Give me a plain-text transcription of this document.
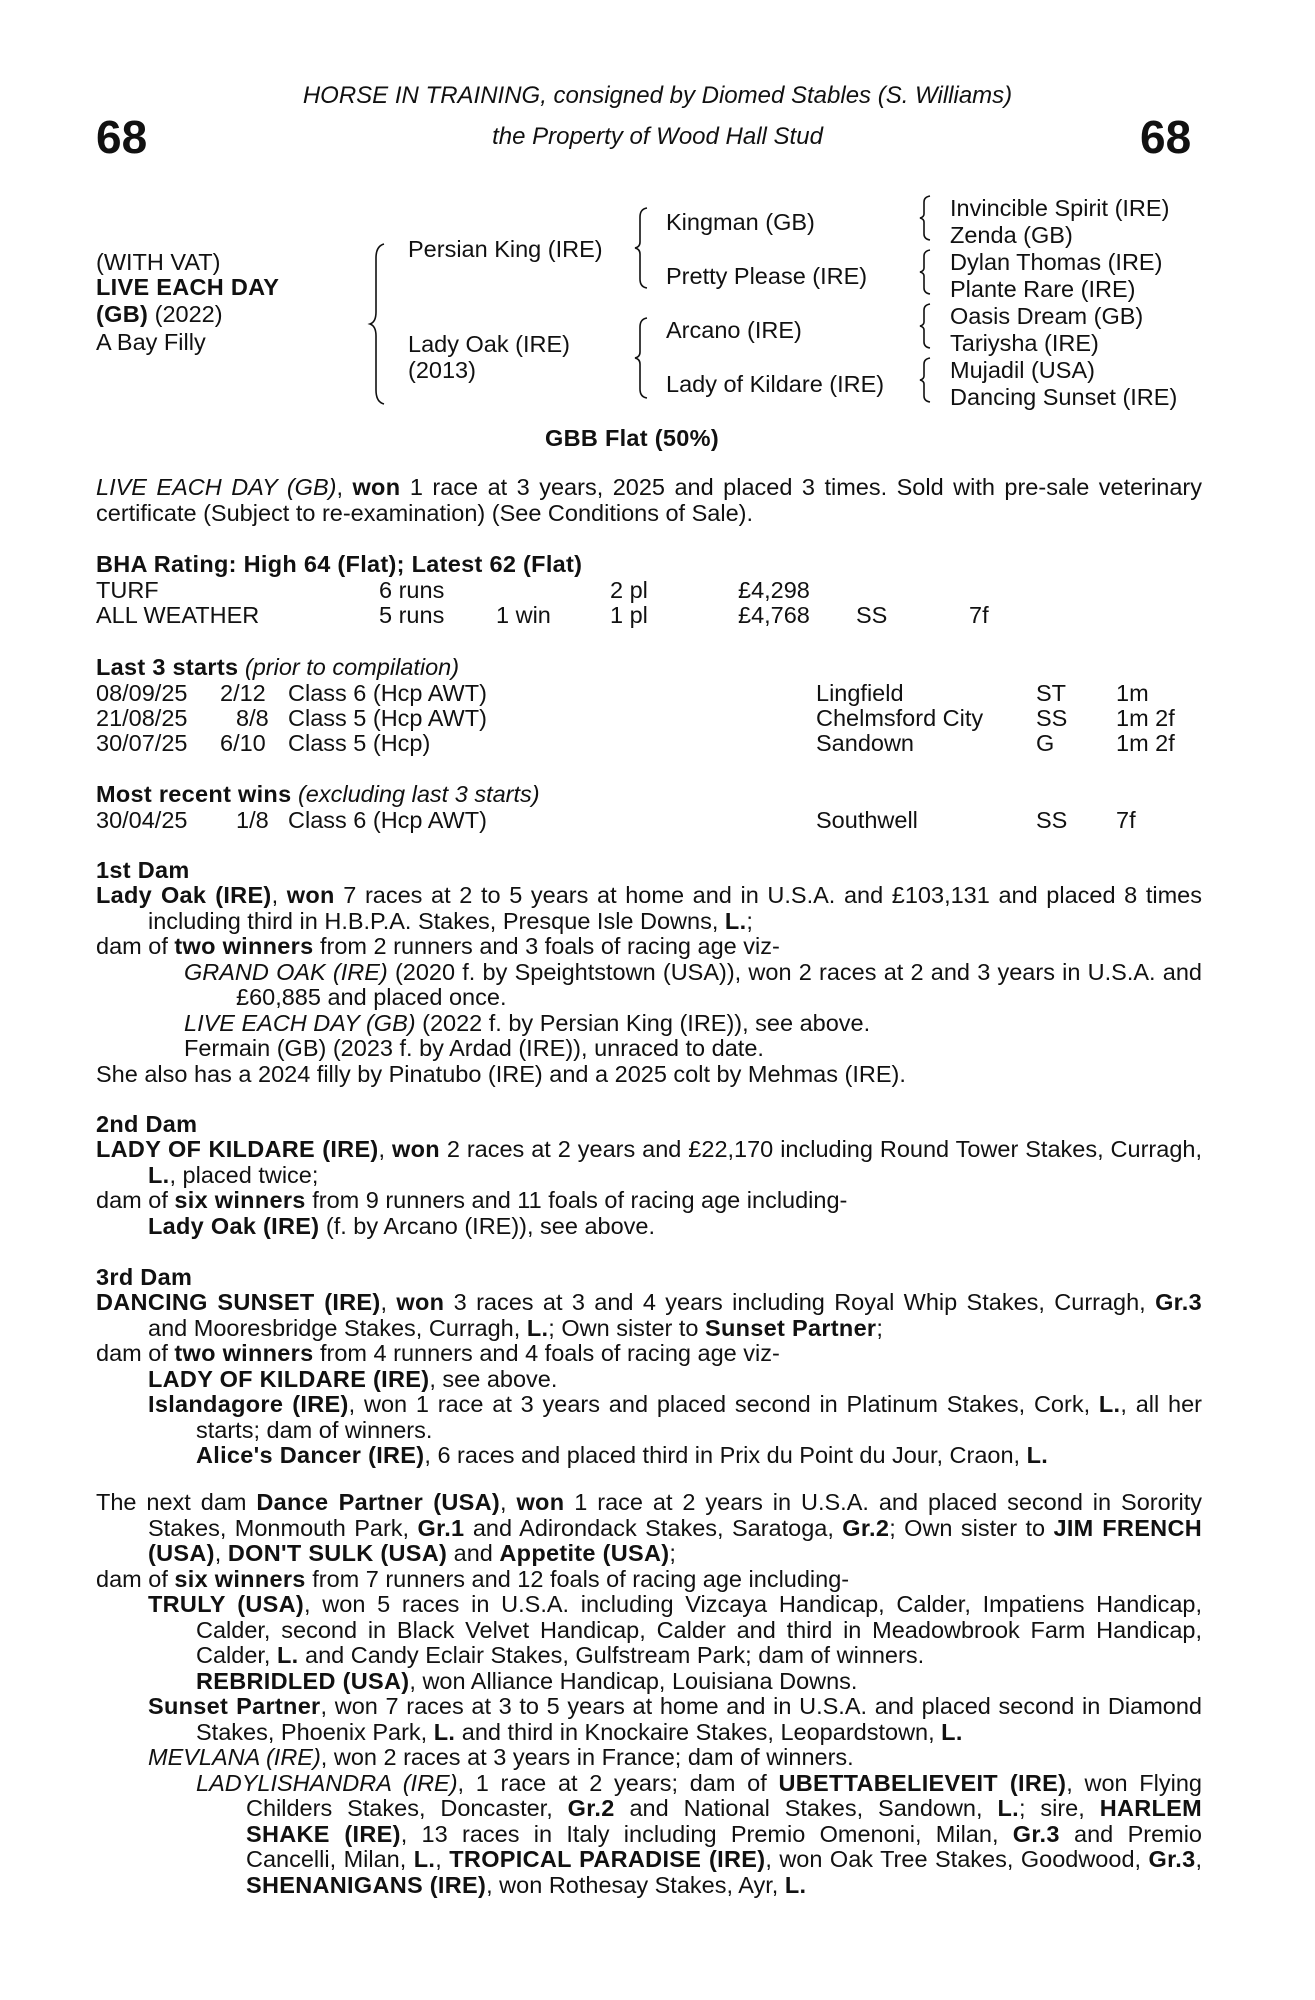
68	68
HORSE IN TRAINING, consigned by Diomed Stables (S. Williams)
the Property of Wood Hall Stud
(WITH VAT)
LIVE EACH DAY
(GB) (2022)
A Bay Filly
Persian King (IRE)
Lady Oak (IRE)
(2013)
Kingman (GB)
Pretty Please (IRE)
Arcano (IRE)
Lady of Kildare (IRE)
Invincible Spirit (IRE)
Zenda (GB)
Dylan Thomas (IRE)
Plante Rare (IRE)
Oasis Dream (GB)
Tariysha (IRE)
Mujadil (USA)
Dancing Sunset (IRE)
GBB Flat (50%)
LIVE EACH DAY (GB), won 1 race at 3 years, 2025 and placed 3 times. Sold with pre-sale veterinary certificate (Subject to re-examination) (See Conditions of Sale).
BHA Rating: High 64 (Flat); Latest 62 (Flat)
TURF	6 runs	2 pl	£4,298
ALL WEATHER	5 runs 1 win	1 pl	£4,768 SS	7f
Last 3 starts (prior to compilation)
08/09/25 2/12 Class 6 (Hcp AWT)	Lingfield	ST 1m
21/08/25 8/8 Class 5 (Hcp AWT)	Chelmsford City SS 1m 2f
30/07/25 6/10 Class 5 (Hcp)	Sandown	G	1m 2f
Most recent wins (excluding last 3 starts)
30/04/25 1/8 Class 6 (Hcp AWT)	Southwell	SS 7f
1st Dam
Lady Oak (IRE), won 7 races at 2 to 5 years at home and in U.S.A. and £103,131 and placed 8 times including third in H.B.P.A. Stakes, Presque Isle Downs, L.;
dam of two winners from 2 runners and 3 foals of racing age viz-
GRAND OAK (IRE) (2020 f. by Speightstown (USA)), won 2 races at 2 and 3 years in U.S.A. and £60,885 and placed once.
LIVE EACH DAY (GB) (2022 f. by Persian King (IRE)), see above.
Fermain (GB) (2023 f. by Ardad (IRE)), unraced to date.
She also has a 2024 filly by Pinatubo (IRE) and a 2025 colt by Mehmas (IRE).
2nd Dam
LADY OF KILDARE (IRE), won 2 races at 2 years and £22,170 including Round Tower Stakes, Curragh, L., placed twice;
dam of six winners from 9 runners and 11 foals of racing age including-
Lady Oak (IRE) (f. by Arcano (IRE)), see above.
3rd Dam
DANCING SUNSET (IRE), won 3 races at 3 and 4 years including Royal Whip Stakes, Curragh, Gr.3 and Mooresbridge Stakes, Curragh, L.; Own sister to Sunset Partner;
dam of two winners from 4 runners and 4 foals of racing age viz-
LADY OF KILDARE (IRE), see above.
Islandagore (IRE), won 1 race at 3 years and placed second in Platinum Stakes, Cork, L., all her starts; dam of winners.
Alice's Dancer (IRE), 6 races and placed third in Prix du Point du Jour, Craon, L.
The next dam Dance Partner (USA), won 1 race at 2 years in U.S.A. and placed second in Sorority Stakes, Monmouth Park, Gr.1 and Adirondack Stakes, Saratoga, Gr.2; Own sister to JIM FRENCH (USA), DON'T SULK (USA) and Appetite (USA);
dam of six winners from 7 runners and 12 foals of racing age including-
TRULY (USA), won 5 races in U.S.A. including Vizcaya Handicap, Calder, Impatiens Handicap, Calder, second in Black Velvet Handicap, Calder and third in Meadowbrook Farm Handicap, Calder, L. and Candy Eclair Stakes, Gulfstream Park; dam of winners.
REBRIDLED (USA), won Alliance Handicap, Louisiana Downs.
Sunset Partner, won 7 races at 3 to 5 years at home and in U.S.A. and placed second in Diamond Stakes, Phoenix Park, L. and third in Knockaire Stakes, Leopardstown, L.
MEVLANA (IRE), won 2 races at 3 years in France; dam of winners.
LADYLISHANDRA (IRE), 1 race at 2 years; dam of UBETTABELIEVEIT (IRE), won Flying Childers Stakes, Doncaster, Gr.2 and National Stakes, Sandown, L.; sire, HARLEM SHAKE (IRE), 13 races in Italy including Premio Omenoni, Milan, Gr.3 and Premio Cancelli, Milan, L., TROPICAL PARADISE (IRE), won Oak Tree Stakes, Goodwood, Gr.3, SHENANIGANS (IRE), won Rothesay Stakes, Ayr, L.
